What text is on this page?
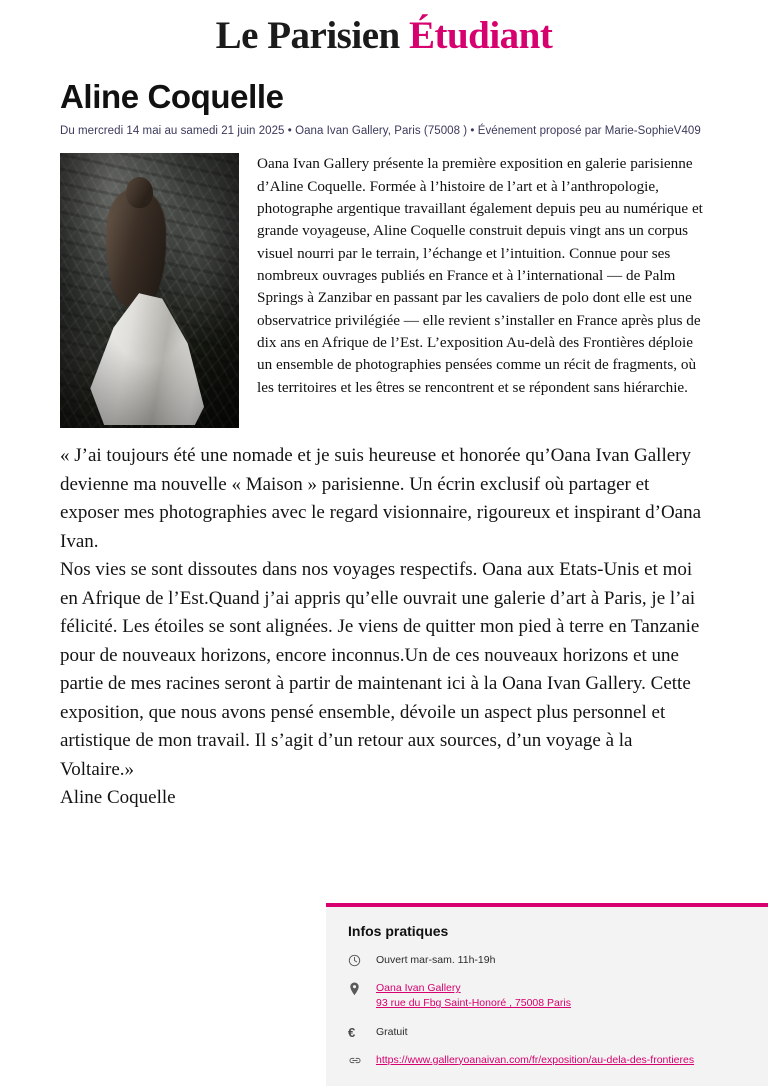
Le Parisien Étudiant
Aline Coquelle
Du mercredi 14 mai au samedi 21 juin 2025 • Oana Ivan Gallery, Paris (75008 ) • Événement proposé par Marie-SophieV409
Oana Ivan Gallery présente la première exposition en galerie parisienne d’Aline Coquelle. Formée à l’histoire de l’art et à l’anthropologie, photographe argentique travaillant également depuis peu au numérique et grande voyageuse, Aline Coquelle construit depuis vingt ans un corpus visuel nourri par le terrain, l’échange et l’intuition. Connue pour ses nombreux ouvrages publiés en France et à l’international — de Palm Springs à Zanzibar en passant par les cavaliers de polo dont elle est une observatrice privilégiée — elle revient s’installer en France après plus de dix ans en Afrique de l’Est. L’exposition Au-delà des Frontières déploie un ensemble de photographies pensées comme un récit de fragments, où les territoires et les êtres se rencontrent et se répondent sans hiérarchie.

« J’ai toujours été une nomade et je suis heureuse et honorée qu’Oana Ivan Gallery devienne ma nouvelle « Maison » parisienne. Un écrin exclusif où partager et exposer mes photographies avec le regard visionnaire, rigoureux et inspirant d’Oana Ivan.

Nos vies se sont dissoutes dans nos voyages respectifs. Oana aux Etats-Unis et moi en Afrique de l’Est.Quand j’ai appris qu’elle ouvrait une galerie d’art à Paris, je l’ai félicité. Les étoiles se sont alignées. Je viens de quitter mon pied à terre en Tanzanie pour de nouveaux horizons, encore inconnus.Un de ces nouveaux horizons et une partie de mes racines seront à partir de maintenant ici à la Oana Ivan Gallery. Cette exposition, que nous avons pensé ensemble, dévoile un aspect plus personnel et artistique de mon travail. Il s’agit d’un retour aux sources, d’un voyage à la Voltaire.»

Aline Coquelle

Infos pratiques
Ouvert mar-sam. 11h-19h
Oana Ivan Gallery
93 rue du Fbg Saint-Honoré , 75008 Paris
€ Gratuit
https://www.galleryoanaivan.com/fr/exposition/au-dela-des-frontieres
